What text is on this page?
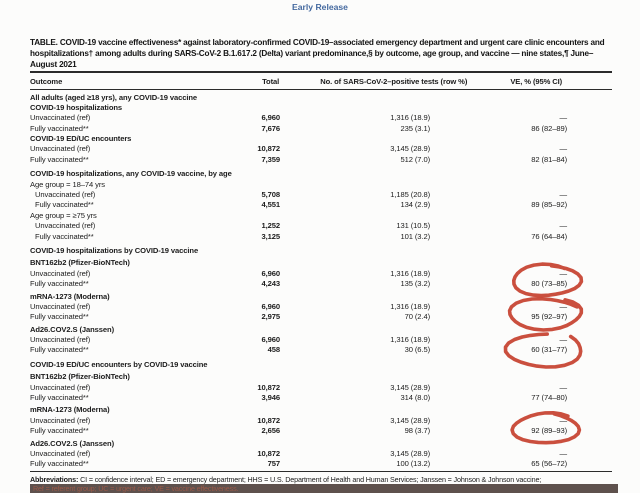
Early Release
TABLE. COVID-19 vaccine effectiveness* against laboratory-confirmed COVID-19–associated emergency department and urgent care clinic encounters and hospitalizations† among adults during SARS-CoV-2 B.1.617.2 (Delta) variant predominance,§ by outcome, age group, and vaccine — nine states,¶ June–August 2021
Outcome	Total	No. of SARS-CoV-2–positive tests (row %)	VE, % (95% CI)
All adults (aged ≥18 yrs), any COVID-19 vaccine
COVID-19 hospitalizations
Unvaccinated (ref)	6,960	1,316 (18.9)	—
Fully vaccinated**	7,676	235 (3.1)	86 (82–89)
COVID-19 ED/UC encounters
Unvaccinated (ref)	10,872	3,145 (28.9)	—
Fully vaccinated**	7,359	512 (7.0)	82 (81–84)
COVID-19 hospitalizations, any COVID-19 vaccine, by age
Age group = 18–74 yrs
Unvaccinated (ref)	5,708	1,185 (20.8)	—
Fully vaccinated**	4,551	134 (2.9)	89 (85–92)
Age group = ≥75 yrs
Unvaccinated (ref)	1,252	131 (10.5)	—
Fully vaccinated**	3,125	101 (3.2)	76 (64–84)
COVID-19 hospitalizations by COVID-19 vaccine
BNT162b2 (Pfizer-BioNTech)
Unvaccinated (ref)	6,960	1,316 (18.9)	—
Fully vaccinated**	4,243	135 (3.2)	80 (73–85)
mRNA-1273 (Moderna)
Unvaccinated (ref)	6,960	1,316 (18.9)	—
Fully vaccinated**	2,975	70 (2.4)	95 (92–97)
Ad26.COV2.S (Janssen)
Unvaccinated (ref)	6,960	1,316 (18.9)	—
Fully vaccinated**	458	30 (6.5)	60 (31–77)
COVID-19 ED/UC encounters by COVID-19 vaccine
BNT162b2 (Pfizer-BioNTech)
Unvaccinated (ref)	10,872	3,145 (28.9)	—
Fully vaccinated**	3,946	314 (8.0)	77 (74–80)
mRNA-1273 (Moderna)
Unvaccinated (ref)	10,872	3,145 (28.9)	—
Fully vaccinated**	2,656	98 (3.7)	92 (89–93)
Ad26.COV2.S (Janssen)
Unvaccinated (ref)	10,872	3,145 (28.9)	—
Fully vaccinated**	757	100 (13.2)	65 (56–72)
Abbreviations: CI = confidence interval; ED = emergency department; HHS = U.S. Department of Health and Human Services; Janssen = Johnson & Johnson vaccine;
Ref = referent group; UC = urgent care; VE = vaccine effectiveness.
